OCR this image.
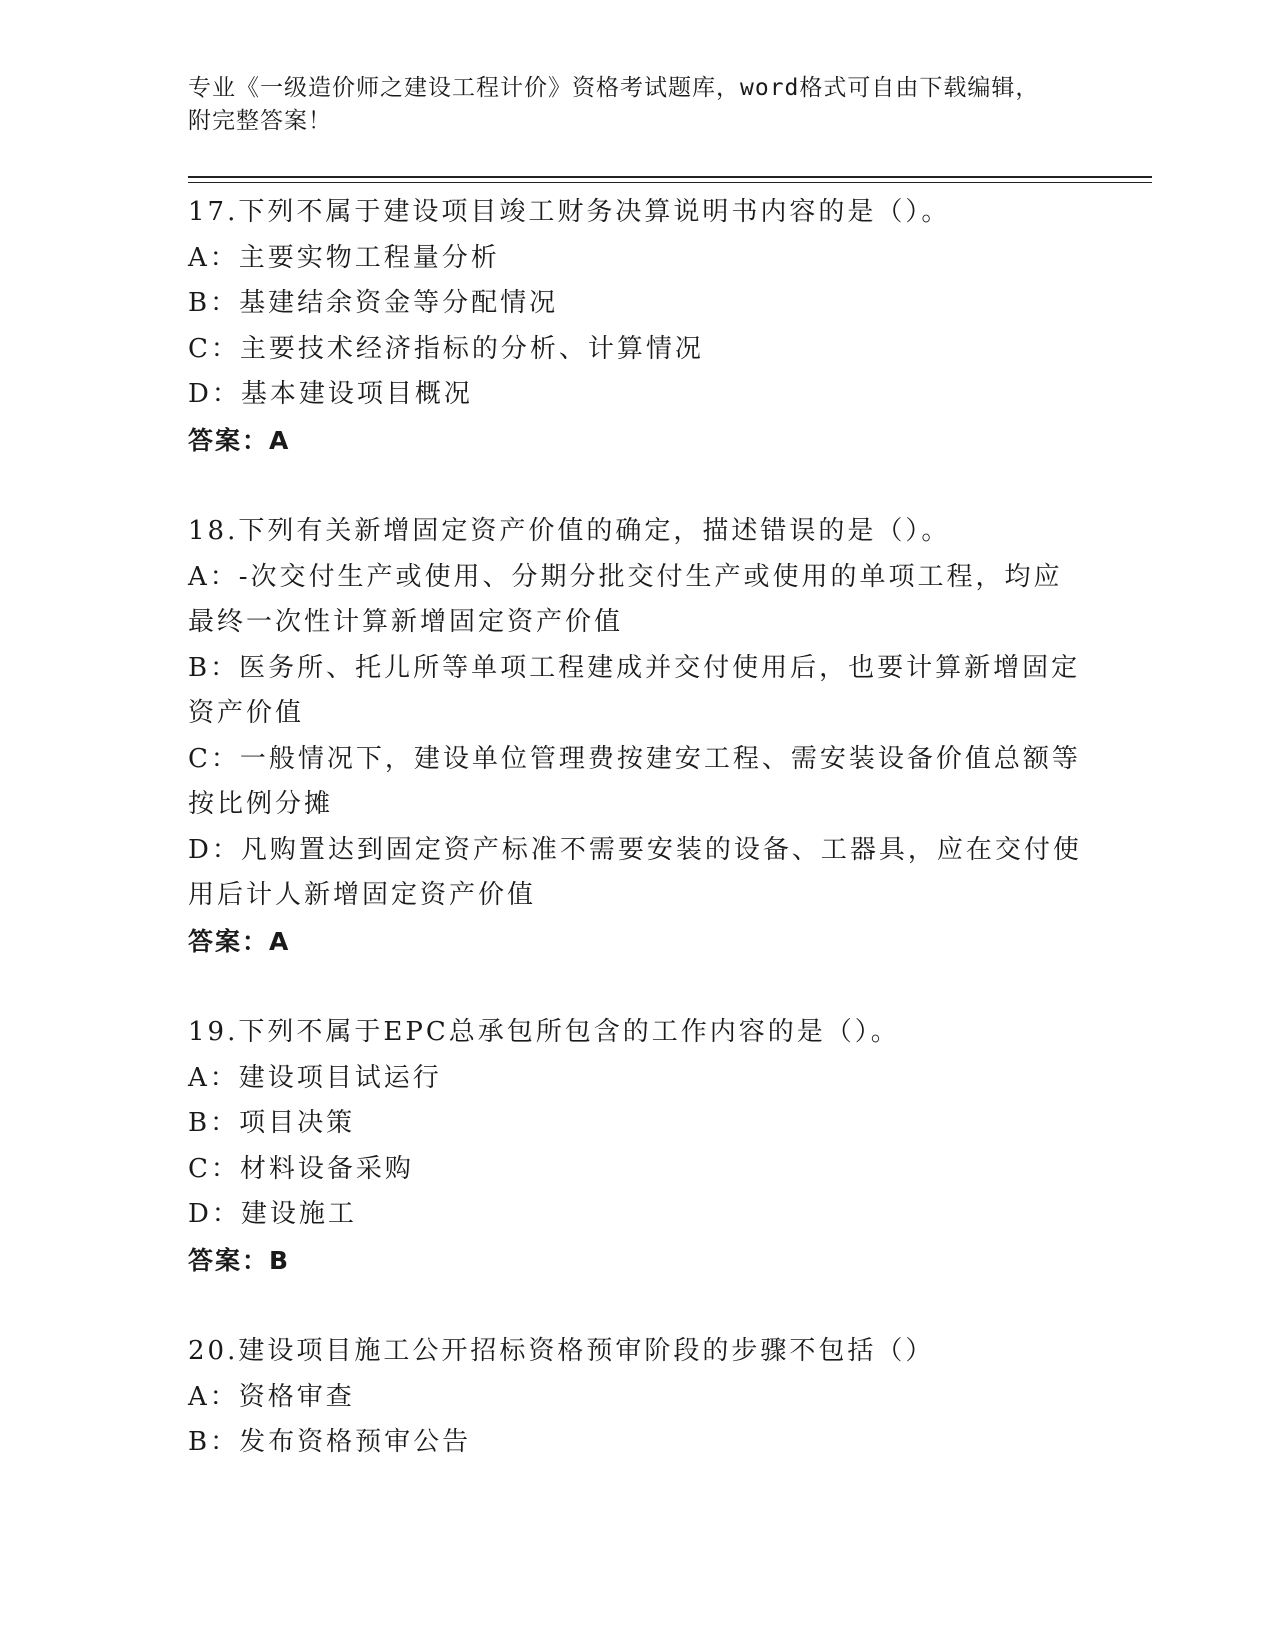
专业《一级造价师之建设工程计价》资格考试题库，word格式可自由下载编辑，
附完整答案！
17.下列不属于建设项目竣工财务决算说明书内容的是（）。
A：主要实物工程量分析
B：基建结余资金等分配情况
C：主要技术经济指标的分析、计算情况
D：基本建设项目概况
答案：A
18.下列有关新增固定资产价值的确定，描述错误的是（）。
A：-次交付生产或使用、分期分批交付生产或使用的单项工程，均应
最终一次性计算新增固定资产价值
B：医务所、托儿所等单项工程建成并交付使用后，也要计算新增固定
资产价值
C：一般情况下，建设单位管理费按建安工程、需安装设备价值总额等
按比例分摊
D：凡购置达到固定资产标准不需要安装的设备、工器具，应在交付使
用后计人新增固定资产价值
答案：A
19.下列不属于EPC总承包所包含的工作内容的是（）。
A：建设项目试运行
B：项目决策
C：材料设备采购
D：建设施工
答案：B
20.建设项目施工公开招标资格预审阶段的步骤不包括（）
A：资格审查
B：发布资格预审公告
